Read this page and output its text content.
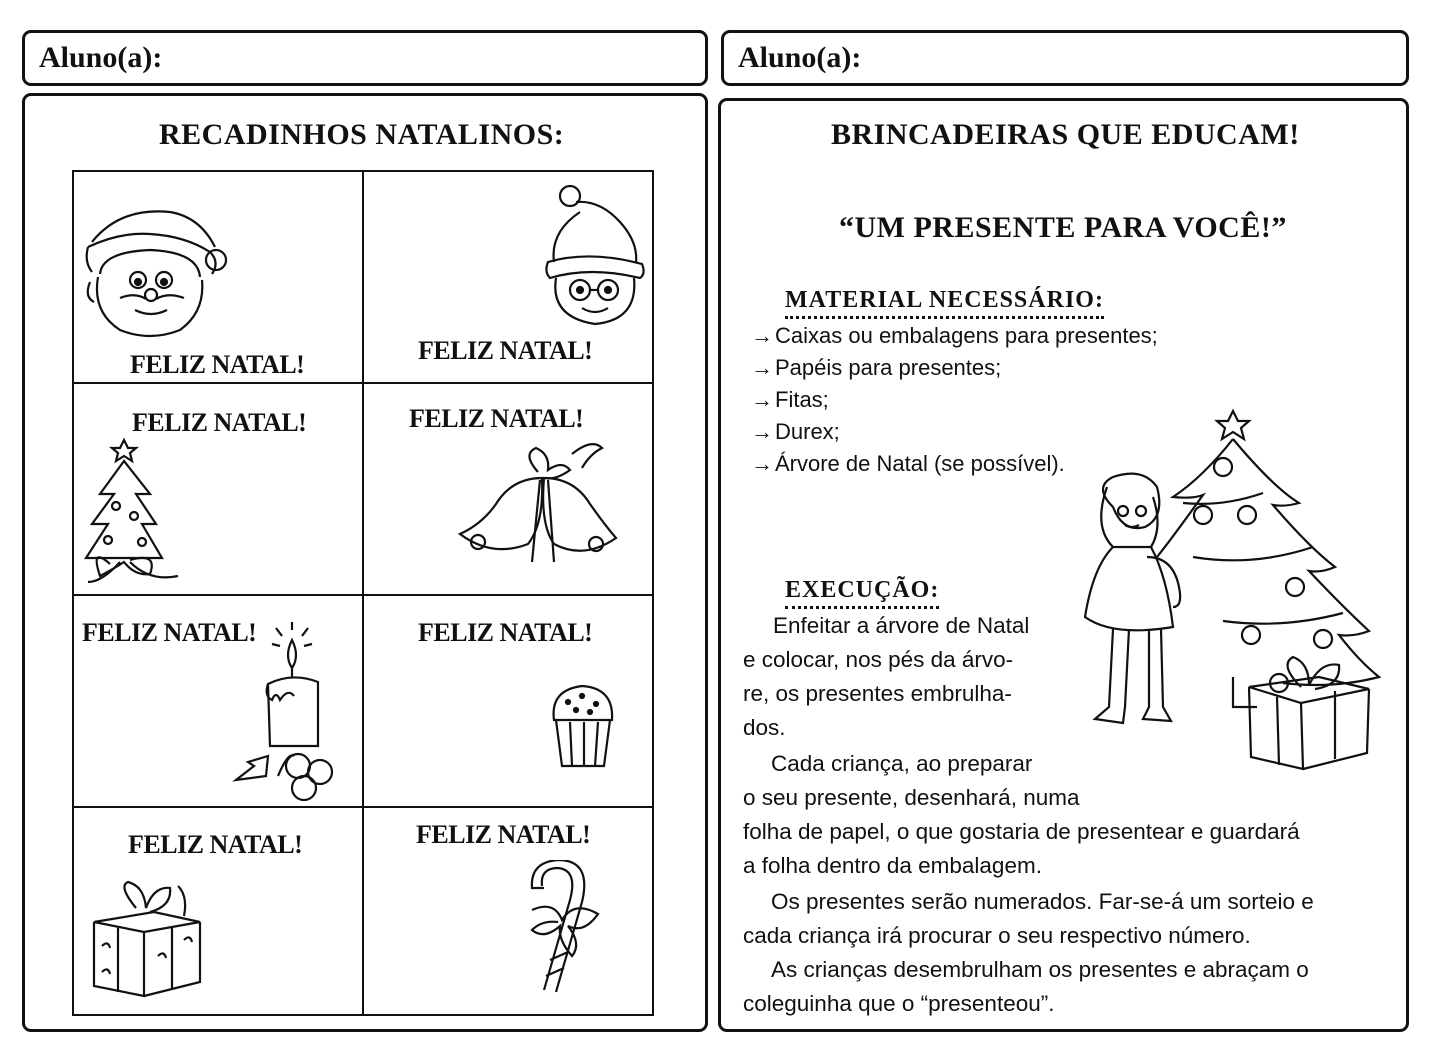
Aluno(a):	Aluno(a):
RECADINHOS NATALINOS:
FELIZ NATAL!	FELIZ NATAL!
FELIZ NATAL!	FELIZ NATAL!
FELIZ NATAL!	FELIZ NATAL!
FELIZ NATAL!	FELIZ NATAL!
BRINCADEIRAS QUE EDUCAM!
“UM PRESENTE PARA VOCÊ!”
MATERIAL NECESSÁRIO:
→Caixas ou embalagens para presentes;
→Papéis para presentes;
→Fitas;
→Durex;
→Árvore de Natal (se possível).
EXECUÇÃO:
Enfeitar a árvore de Natal
e colocar, nos pés da árvo-
re, os presentes embrulha-
dos.
Cada criança, ao preparar
o seu presente, desenhará, numa
folha de papel, o que gostaria de presentear e guardará
a folha dentro da embalagem.
Os presentes serão numerados. Far-se-á um sorteio e
cada criança irá procurar o seu respectivo número.
As crianças desembrulham os presentes e abraçam o
coleguinha que o “presenteou”.
